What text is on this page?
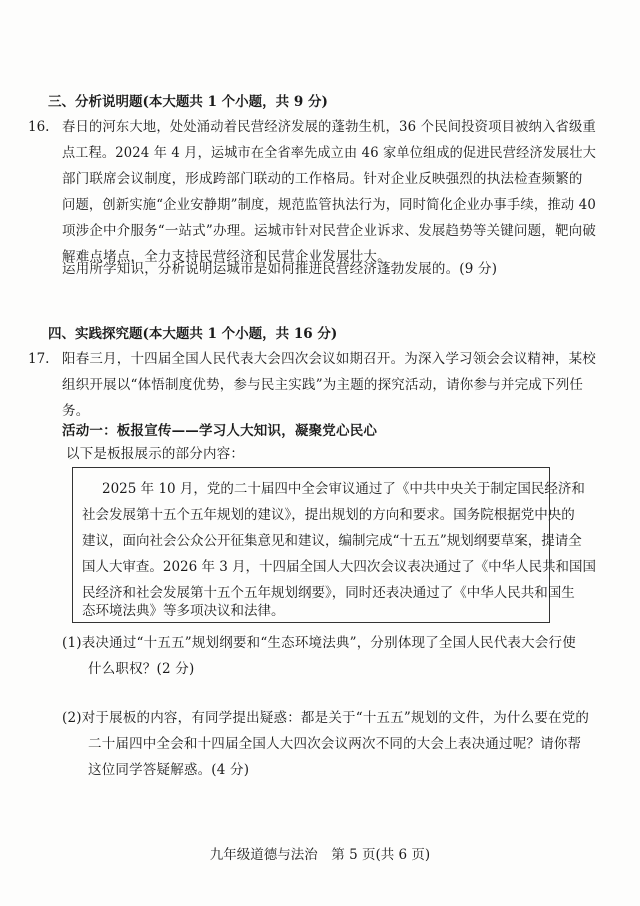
三、分析说明题(本大题共 1 个小题，共 9 分)
16. 春日的河东大地，处处涌动着民营经济发展的蓬勃生机，36 个民间投资项目被纳入省级重
点工程。2024 年 4 月，运城市在全省率先成立由 46 家单位组成的促进民营经济发展壮大
部门联席会议制度，形成跨部门联动的工作格局。针对企业反映强烈的执法检查频繁的
问题，创新实施“企业安静期”制度，规范监管执法行为，同时简化企业办事手续，推动 40
项涉企中介服务“一站式”办理。运城市针对民营企业诉求、发展趋势等关键问题，靶向破
解难点堵点，全力支持民营经济和民营企业发展壮大。
运用所学知识，分析说明运城市是如何推进民营经济蓬勃发展的。(9 分)
四、实践探究题(本大题共 1 个小题，共 16 分)
17. 阳春三月，十四届全国人民代表大会四次会议如期召开。为深入学习领会会议精神，某校
组织开展以“体悟制度优势，参与民主实践”为主题的探究活动，请你参与并完成下列任
务。
活动一：板报宣传——学习人大知识，凝聚党心民心
以下是板报展示的部分内容：
2025 年 10 月，党的二十届四中全会审议通过了《中共中央关于制定国民经济和
社会发展第十五个五年规划的建议》，提出规划的方向和要求。国务院根据党中央的
建议，面向社会公众公开征集意见和建议，编制完成“十五五”规划纲要草案，提请全
国人大审查。2026 年 3 月，十四届全国人大四次会议表决通过了《中华人民共和国国
民经济和社会发展第十五个五年规划纲要》，同时还表决通过了《中华人民共和国生
态环境法典》等多项决议和法律。
(1)表决通过“十五五”规划纲要和“生态环境法典”，分别体现了全国人民代表大会行使
什么职权？(2 分)
(2)对于展板的内容，有同学提出疑惑：都是关于“十五五”规划的文件，为什么要在党的
二十届四中全会和十四届全国人大四次会议两次不同的大会上表决通过呢？请你帮
这位同学答疑解惑。(4 分)
九年级道德与法治　第 5 页(共 6 页)
